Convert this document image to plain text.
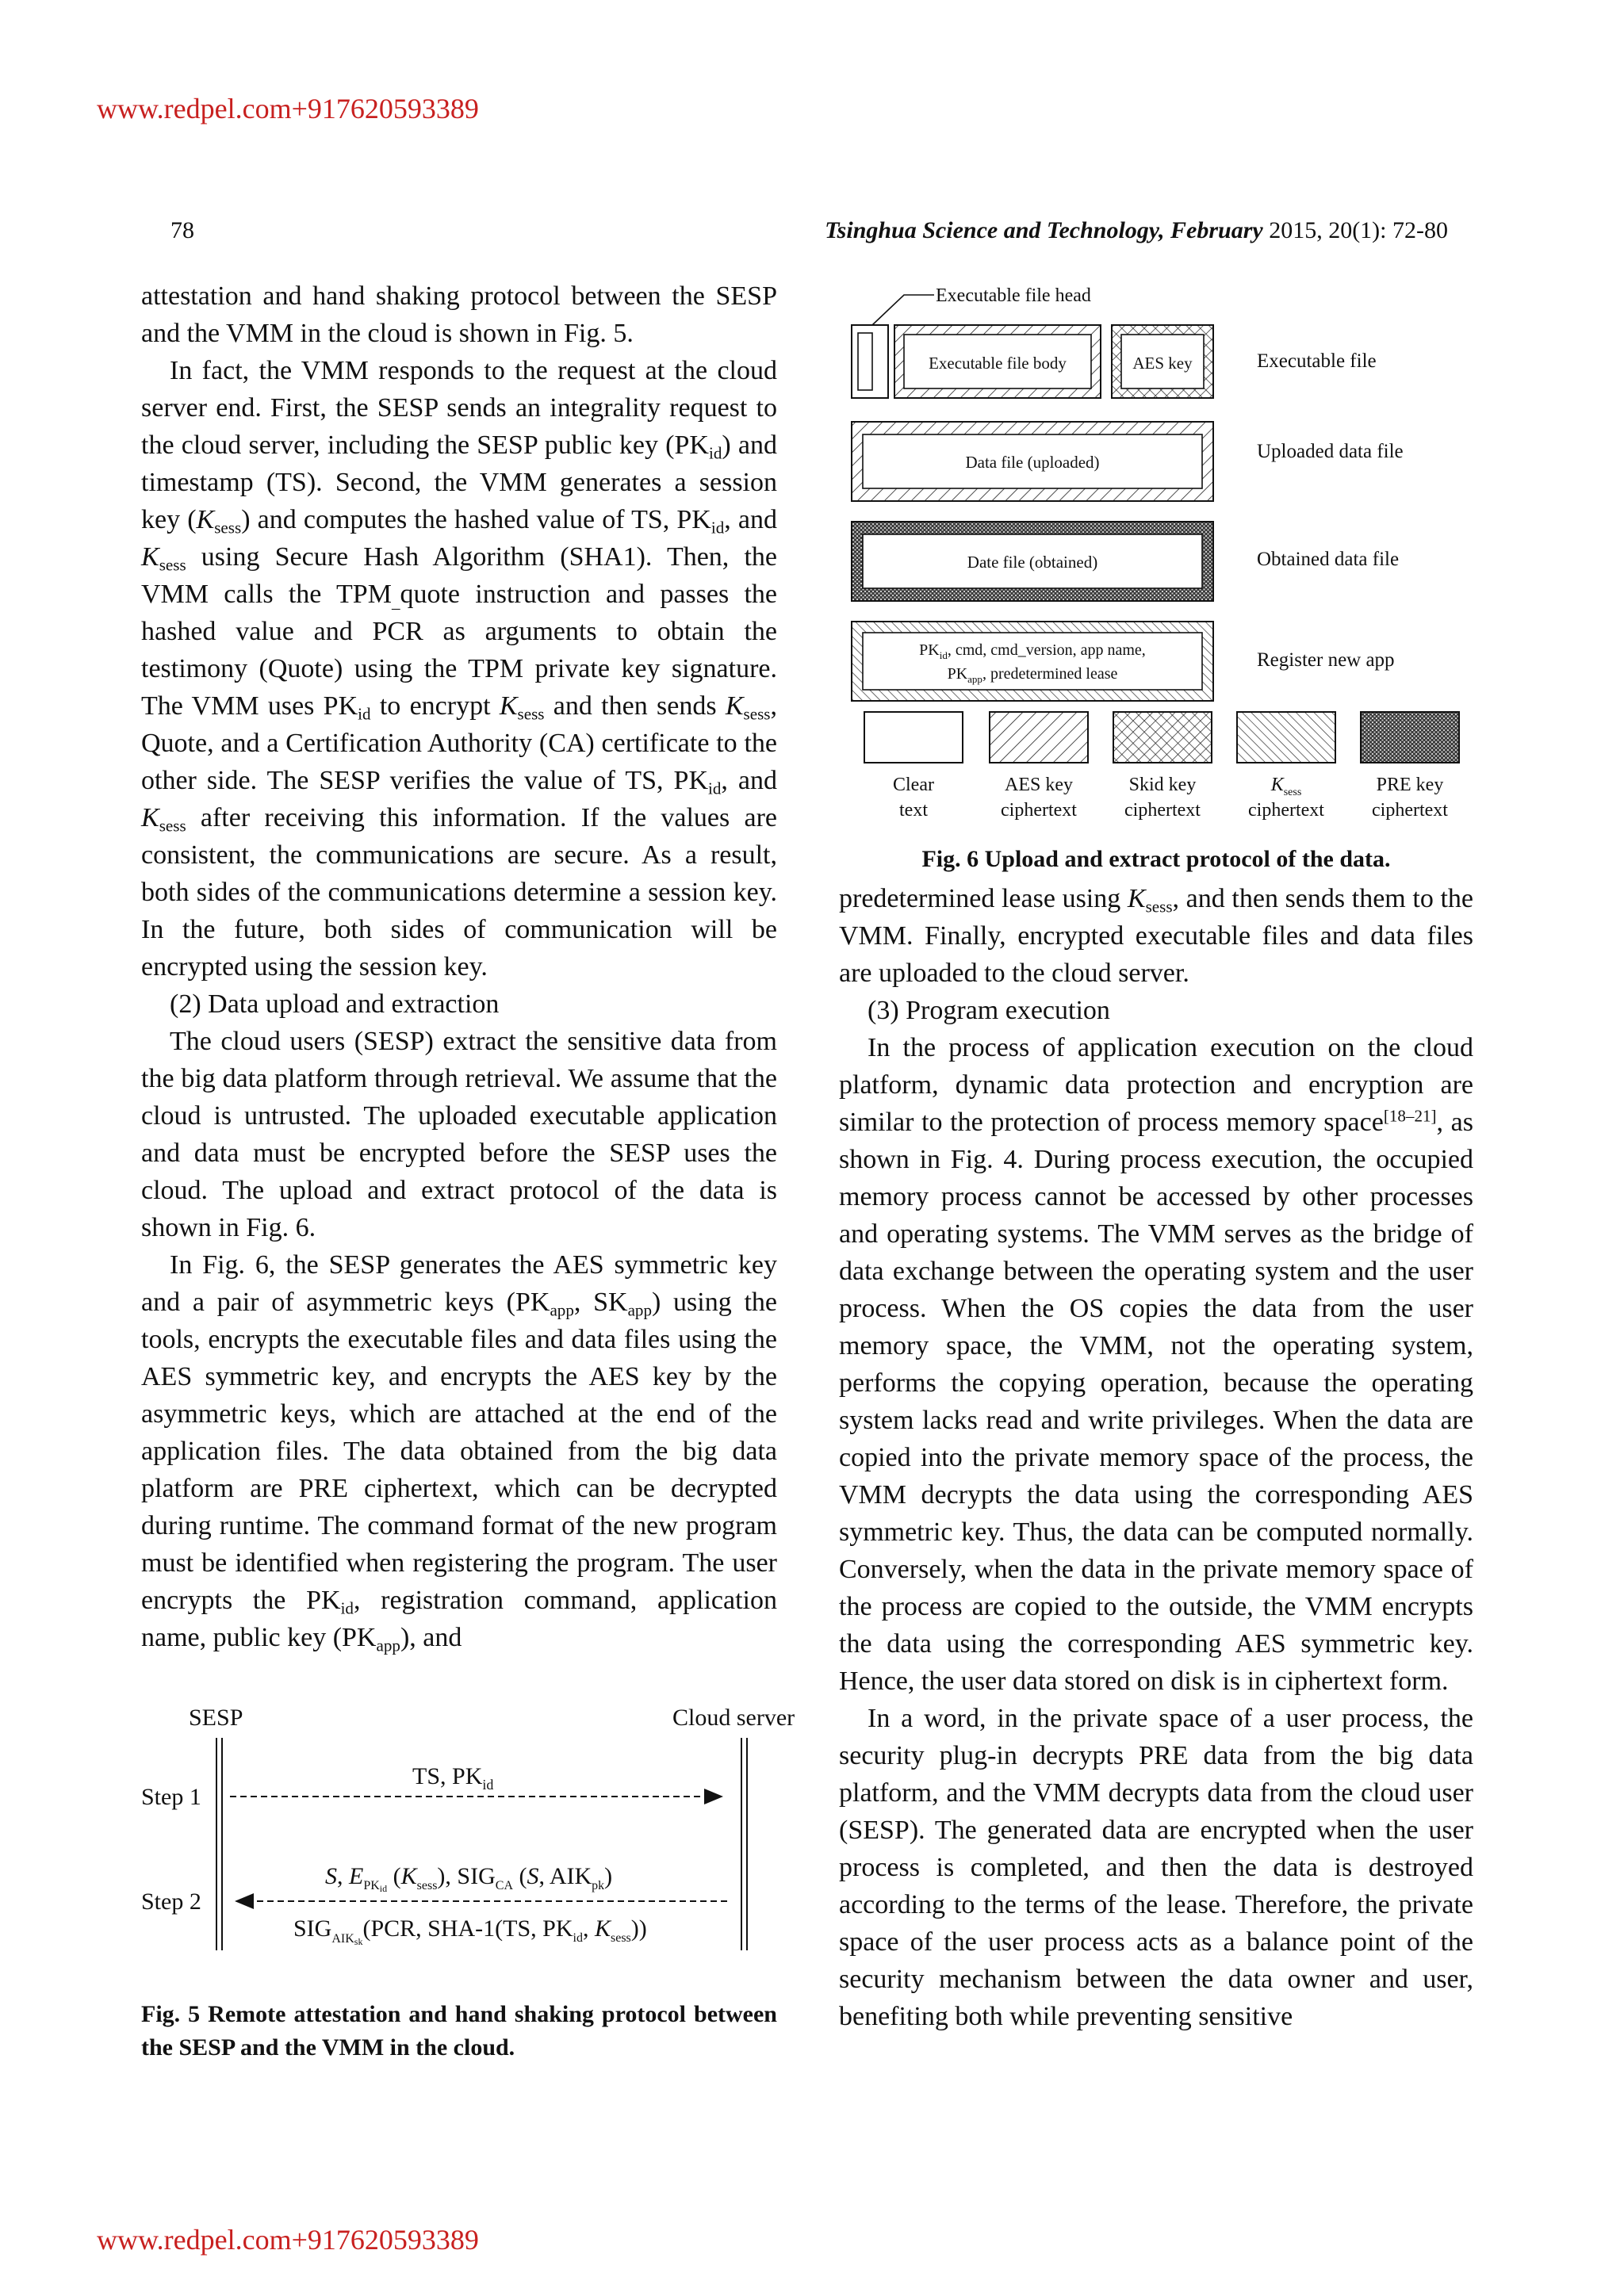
www.redpel.com+917620593389
www.redpel.com+917620593389
78	Tsinghua Science and Technology, February 2015, 20(1): 72-80

attestation and hand shaking protocol between the SESP and the VMM in the cloud is shown in Fig. 5.

In fact, the VMM responds to the request at the cloud server end. First, the SESP sends an integrality request to the cloud server, including the SESP public key $(PK_{id})$ and timestamp (TS). Second, the VMM generates a session key $(K_{sess})$ and computes the hashed value of TS, $PK_{id}$, and $K_{sess}$ using Secure Hash Algorithm (SHA1). Then, the VMM calls the $TPM_{\_}quote$ instruction and passes the hashed value and PCR as arguments to obtain the testimony (Quote) using the TPM private key signature. The VMM uses $PK_{id}$ to encrypt $K_{sess}$ and then sends $K_{sess}$, Quote, and a Certification Authority (CA) certificate to the other side. The SESP verifies the value of TS, $PK_{id}$, and $K_{sess}$ after receiving this information. If the values are consistent, the communications are secure. As a result, both sides of the communications determine a session key. In the future, both sides of communication will be encrypted using the session key.

(2) Data upload and extraction

The cloud users (SESP) extract the sensitive data from the big data platform through retrieval. We assume that the cloud is untrusted. The uploaded executable application and data must be encrypted before the SESP uses the cloud. The upload and extract protocol of the data is shown in Fig. 6.

In Fig. 6, the SESP generates the AES symmetric key and a pair of asymmetric keys ($PK_{app}$, $SK_{app}$) using the tools, encrypts the executable files and data files using the AES symmetric key, and encrypts the AES key by the asymmetric keys, which are attached at the end of the application files. The data obtained from the big data platform are PRE ciphertext, which can be decrypted during runtime. The command format of the new program must be identified when registering the program. The user encrypts the $PK_{id}$, registration command, application name, public key $(PK_{app})$, and

Executable file head
Executable file body	AES key	Executable file
Data file (uploaded)	Uploaded data file
Date file (obtained)	Obtained data file
$PK_{id}$, cmd, cmd_version, app name,
$PK_{app}$, predetermined lease
Register new app
Clear
text
AES key
ciphertext
Skid key
ciphertext
$K_{sess}$
ciphertext
PRE key
ciphertext
Fig. 6 Upload and extract protocol of the data.

predetermined lease using $K_{sess}$, and then sends them to the VMM. Finally, encrypted executable files and data files are uploaded to the cloud server.

(3) Program execution

In the process of application execution on the cloud platform, dynamic data protection and encryption are similar to the protection of process memory space[18–21], as shown in Fig. 4. During process execution, the occupied memory process cannot be accessed by other processes and operating systems. The VMM serves as the bridge of data exchange between the operating system and the user process. When the OS copies the data from the user memory space, the VMM, not the operating system, performs the copying operation, because the operating system lacks read and write privileges. When the data are copied into the private memory space of the process, the VMM decrypts the data using the corresponding AES symmetric key. Thus, the data can be computed normally. Conversely, when the data in the private memory space of the process are copied to the outside, the VMM encrypts the data using the corresponding AES symmetric key. Hence, the user data stored on disk is in ciphertext form.

In a word, in the private space of a user process, the security plug-in decrypts PRE data from the big data platform, and the VMM decrypts data from the cloud user (SESP). The generated data are encrypted when the user process is completed, and then the data is destroyed according to the terms of the lease. Therefore, the private space of the user process acts as a balance point of the security mechanism between the data owner and user, benefiting both while preventing sensitive

SESP	Cloud server
Step 1
TS, $PK_{id}$
Step 2
S, $E_{PK}id$ $(K_{sess})$, $SIG_{CA}$ (S, $AIK_{pk}$)
$SIG_{AIK}sk(PCR$, SHA-1(TS, $PK_{id}$, $K_{sess}$))
Fig. 5 Remote attestation and hand shaking protocol between the SESP and the VMM in the cloud.
